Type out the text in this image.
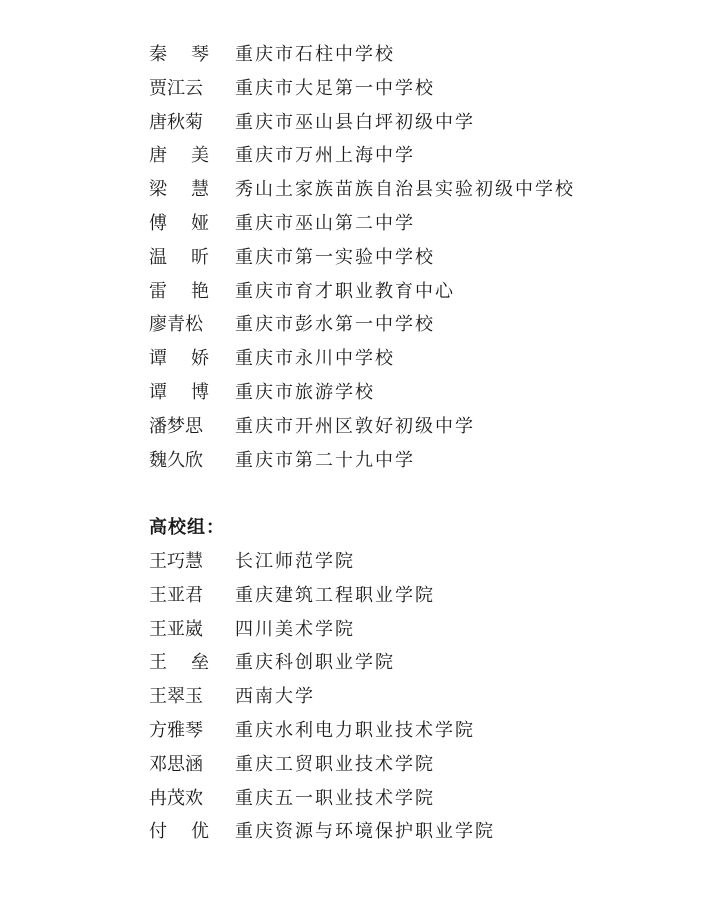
秦 琴 重庆市石柱中学校
贾 江 云 重庆市大足第一中学校
唐 秋 菊 重庆市巫山县白坪初级中学
唐 美 重庆市万州上海中学
梁 慧 秀山土家族苗族自治县实验初级中学校
傅 娅 重庆市巫山第二中学
温 昕 重庆市第一实验中学校
雷 艳 重庆市育才职业教育中心
廖 青 松 重庆市彭水第一中学校
谭 娇 重庆市永川中学校
谭 博 重庆市旅游学校
潘 梦 思 重庆市开州区敦好初级中学
魏 久 欣 重庆市第二十九中学
高校组：
王 巧 慧 长江师范学院
王 亚 君 重庆建筑工程职业学院
王 亚 崴 四川美术学院
王 垒 重庆科创职业学院
王 翠 玉 西南大学
方 雅 琴 重庆水利电力职业技术学院
邓 思 涵 重庆工贸职业技术学院
冉 茂 欢 重庆五一职业技术学院
付 优 重庆资源与环境保护职业学院
